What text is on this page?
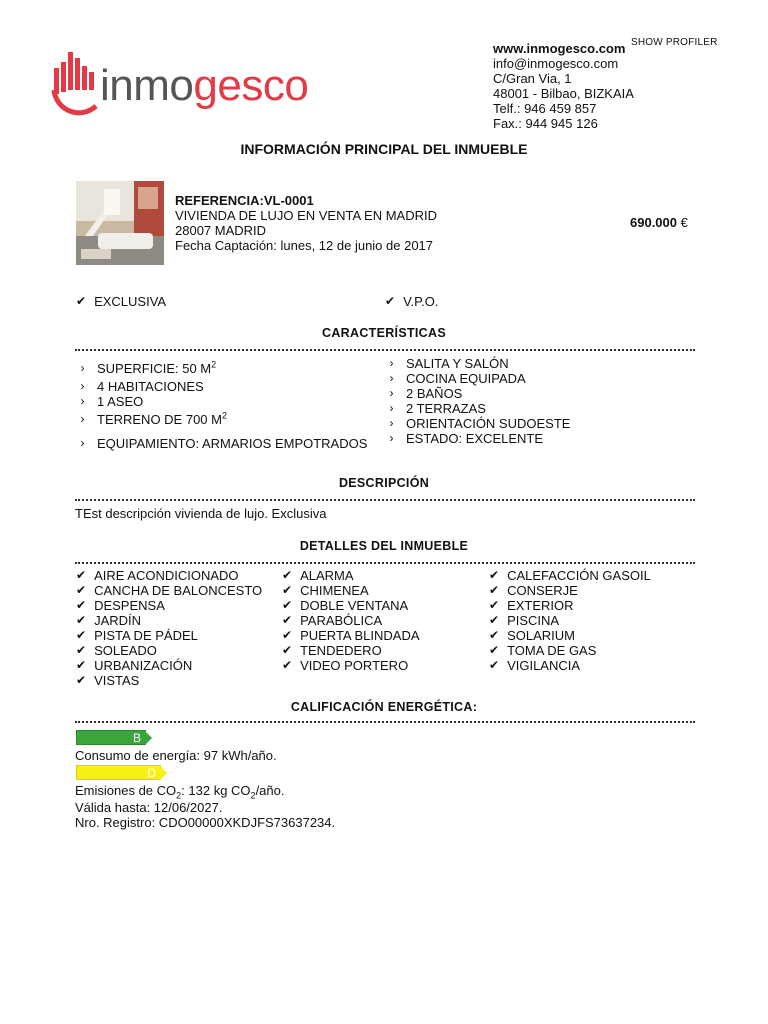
inmogesco
www.inmogesco.com
info@inmogesco.com
C/Gran Via, 1
48001 - Bilbao, BIZKAIA
Telf.: 946 459 857
Fax.: 944 945 126
SHOW PROFILER
INFORMACIÓN PRINCIPAL DEL INMUEBLE
REFERENCIA:VL-0001
VIVIENDA DE LUJO EN VENTA EN MADRID
28007 MADRID
Fecha Captación: lunes, 12 de junio de 2017
690.000 €
✔ EXCLUSIVA	✔ V.P.O.
CARACTERÍSTICAS
› SUPERFICIE: 50 $M^2$
› 4 HABITACIONES
› 1 ASEO
› TERRENO DE 700 $M^2$
› EQUIPAMIENTO: ARMARIOS EMPOTRADOS
› SALITA Y SALÓN
› COCINA EQUIPADA
› 2 BAÑOS
› 2 TERRAZAS
› ORIENTACIÓN SUDOESTE
› ESTADO: EXCELENTE
DESCRIPCIÓN
TEst descripción vivienda de lujo. Exclusiva
DETALLES DEL INMUEBLE
✔ AIRE ACONDICIONADO
✔ CANCHA DE BALONCESTO
✔ DESPENSA
✔ JARDÍN
✔ PISTA DE PÁDEL
✔ SOLEADO
✔ URBANIZACIÓN
✔ VISTAS
✔ ALARMA
✔ CHIMENEA
✔ DOBLE VENTANA
✔ PARABÓLICA
✔ PUERTA BLINDADA
✔ TENDEDERO
✔ VIDEO PORTERO
✔ CALEFACCIÓN GASOIL
✔ CONSERJE
✔ EXTERIOR
✔ PISCINA
✔ SOLARIUM
✔ TOMA DE GAS
✔ VIGILANCIA
CALIFICACIÓN ENERGÉTICA:
B
Consumo de energía: 97 kWh/año.
D
Emisiones de $CO_2$: 132 kg $CO_2$/año.
Válida hasta: 12/06/2027.
Nro. Registro: CDO00000XKDJFS73637234.
